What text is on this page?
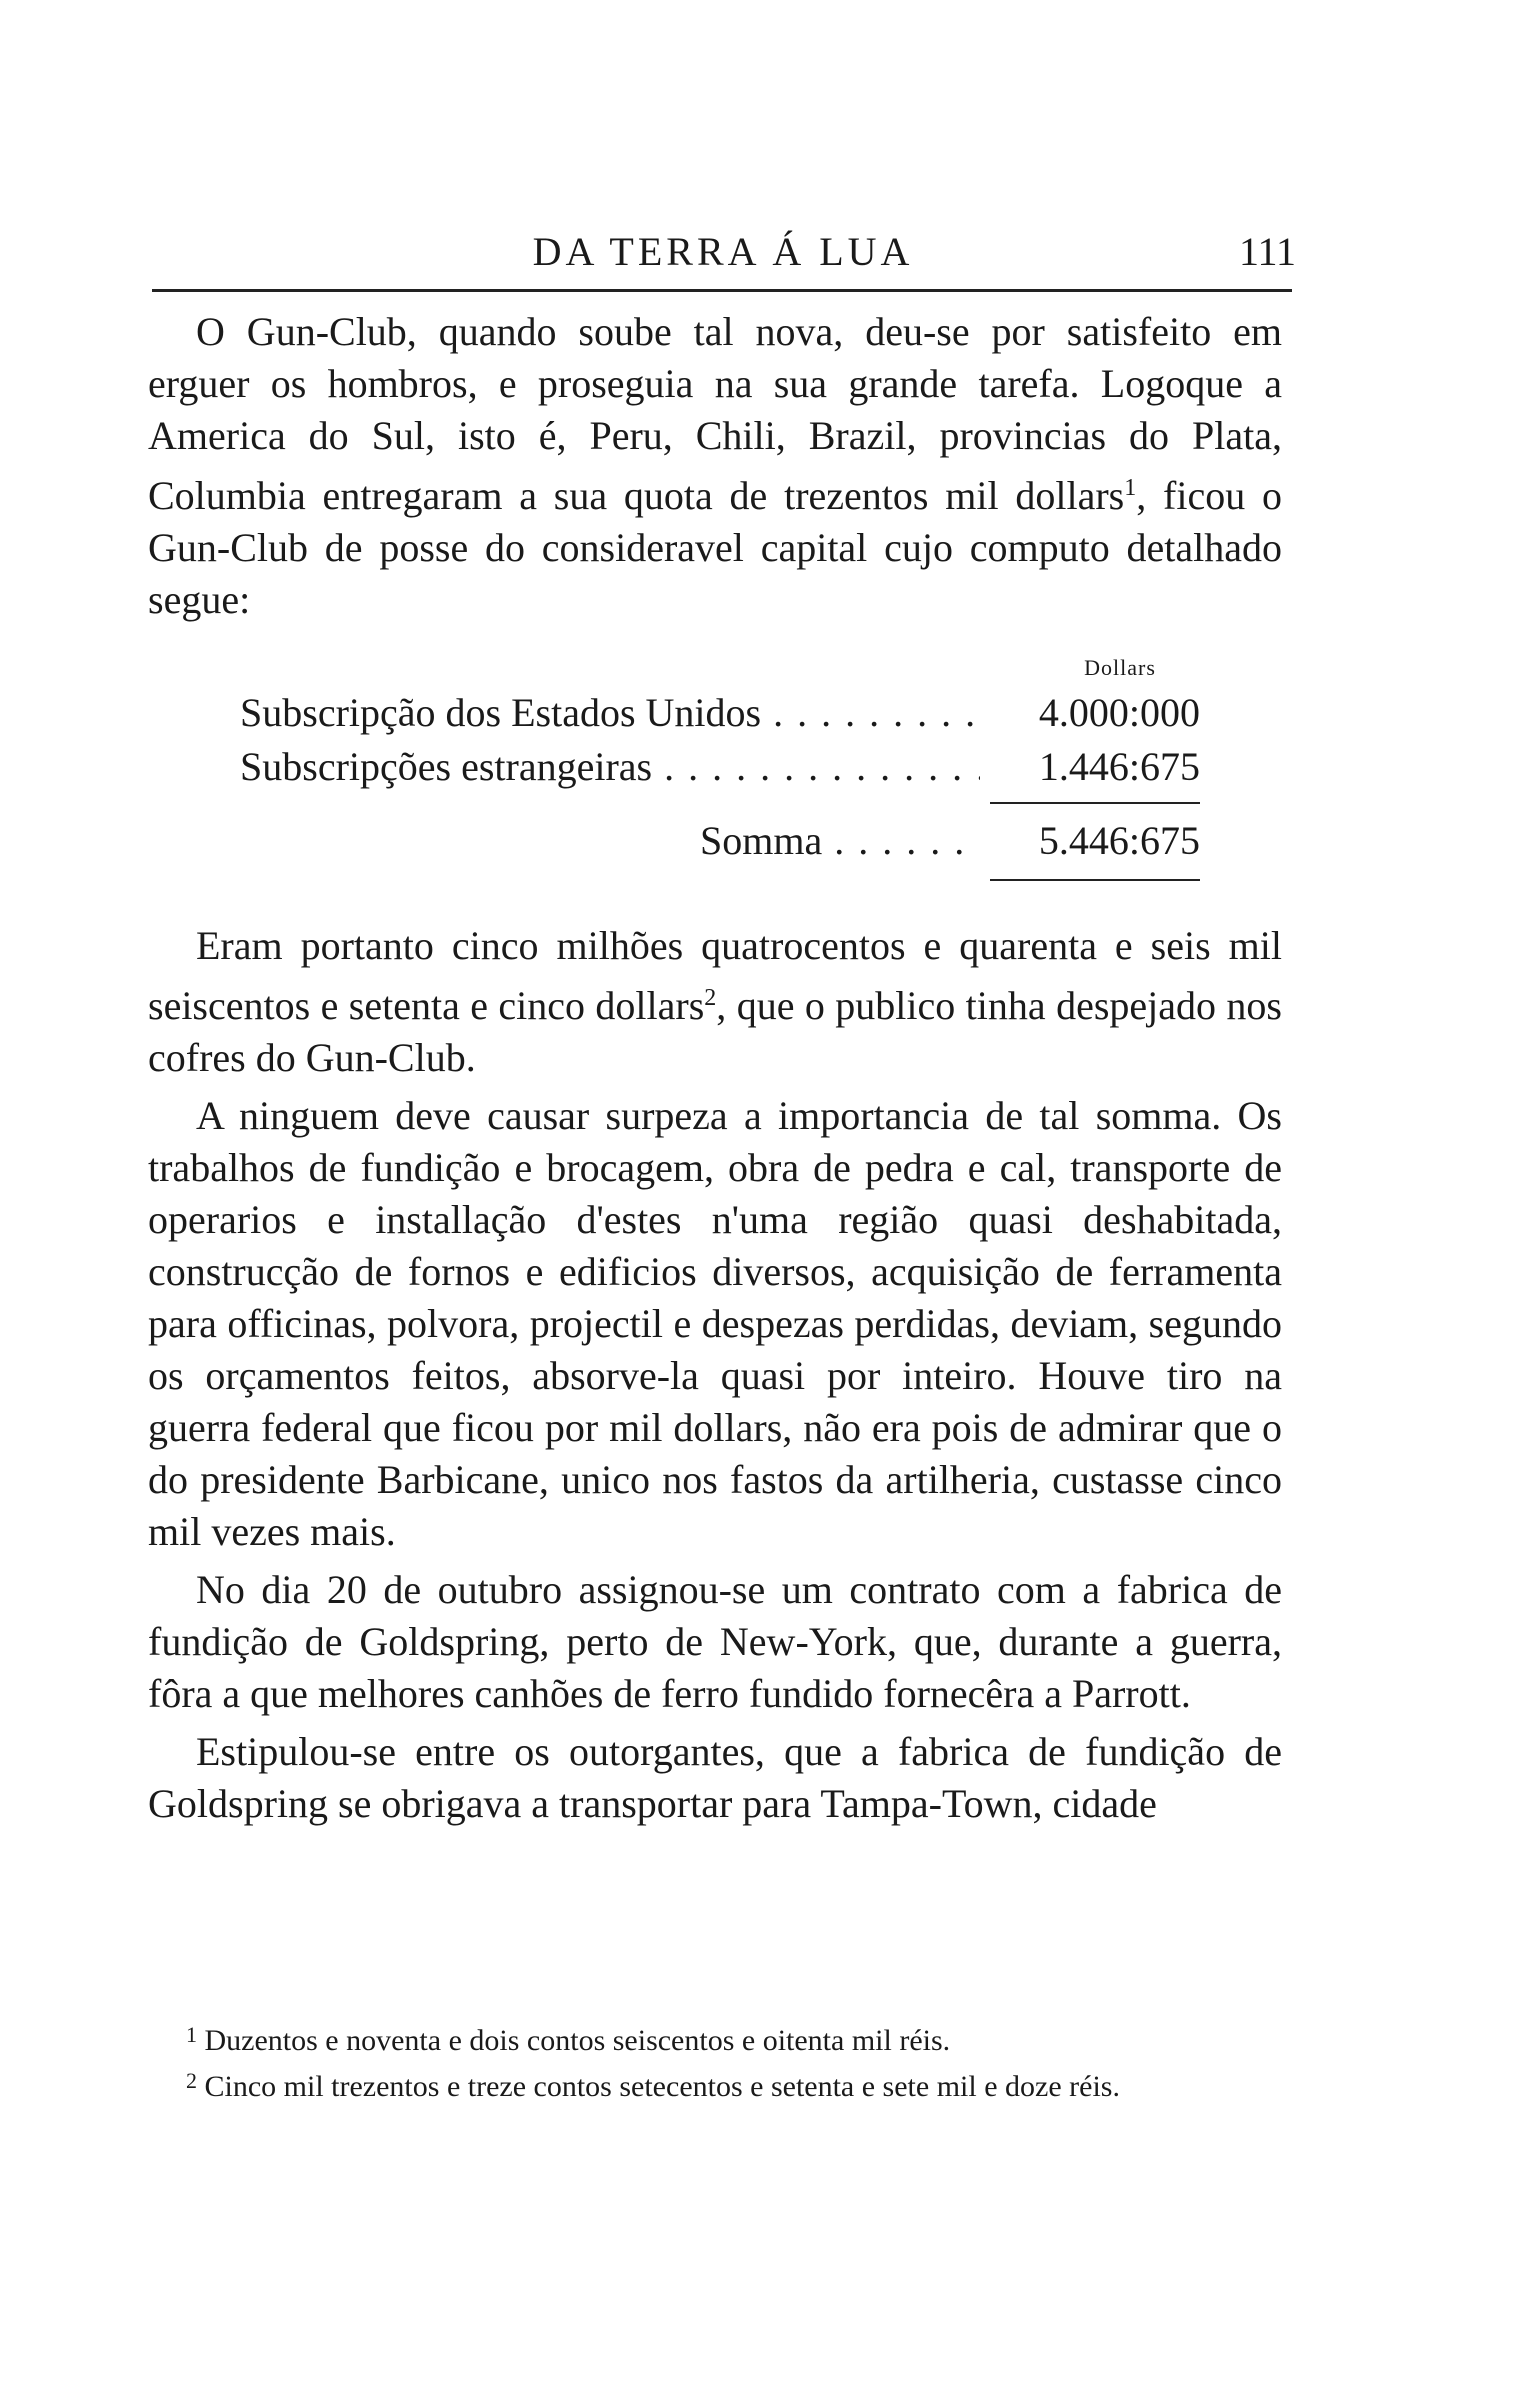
DA TERRA Á LUA	111

O Gun-Club, quando soube tal nova, deu-se por satisfeito em erguer os hombros, e proseguia na sua grande tarefa. Logoque a America do Sul, isto é, Peru, Chili, Brazil, provincias do Plata, Columbia entregaram a sua quota de trezentos mil dollars$^1$, ficou o Gun-Club de posse do consideravel capital cujo computo detalhado segue:

Dollars
Subscripção dos Estados Unidos . . .	4.000:000
Subscripções estrangeiras . . .	1.446:675
Somma . . .	5.446:675

Eram portanto cinco milhões quatrocentos e quarenta e seis mil seiscentos e setenta e cinco dollars$^2$, que o publico tinha despejado nos cofres do Gun-Club.

A ninguem deve causar surpeza a importancia de tal somma. Os trabalhos de fundição e brocagem, obra de pedra e cal, transporte de operarios e installação d'estes n'uma região quasi deshabitada, construcção de fornos e edificios diversos, acquisição de ferramenta para officinas, polvora, projectil e despezas perdidas, deviam, segundo os orçamentos feitos, absorve-la quasi por inteiro. Houve tiro na guerra federal que ficou por mil dollars, não era pois de admirar que o do presidente Barbicane, unico nos fastos da artilheria, custasse cinco mil vezes mais.

No dia 20 de outubro assignou-se um contrato com a fabrica de fundição de Goldspring, perto de New-York, que, durante a guerra, fôra a que melhores canhões de ferro fundido fornecêra a Parrott.

Estipulou-se entre os outorgantes, que a fabrica de fundição de Goldspring se obrigava a transportar para Tampa-Town, cidade

$^1$ Duzentos e noventa e dois contos seiscentos e oitenta mil réis.

$^2$ Cinco mil trezentos e treze contos setecentos e setenta e sete mil e doze réis.
